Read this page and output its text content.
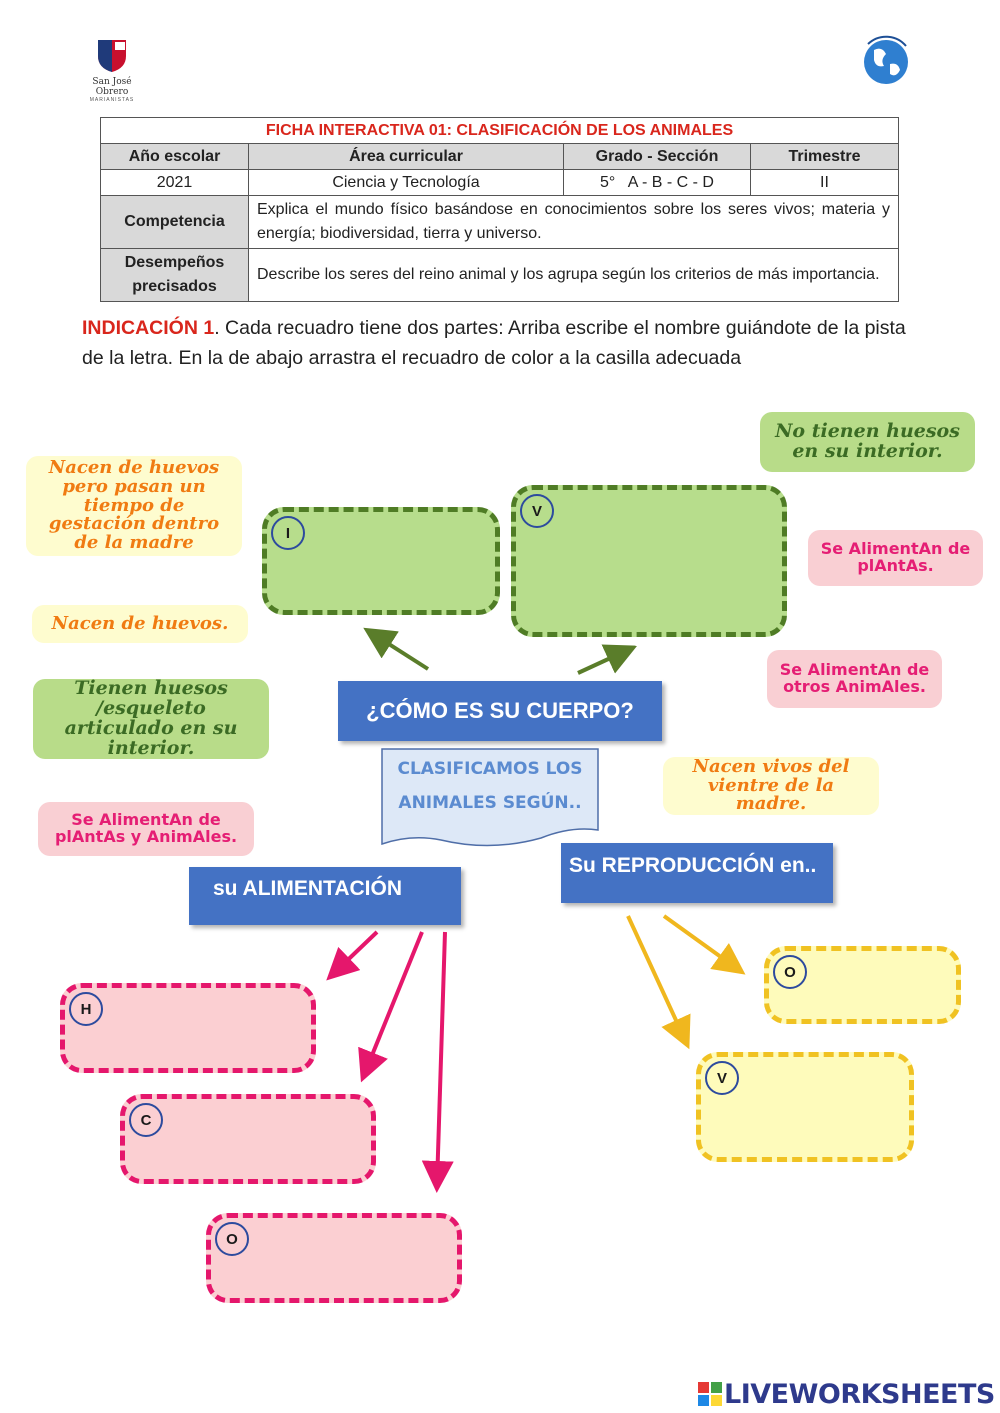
San José Obrero
MARIANISTAS
FICHA INTERACTIVA 01: CLASIFICACIÓN DE LOS ANIMALES			
Año escolar	Área curricular	Grado - Sección	Trimestre
2021	Ciencia y Tecnología	5°   A - B - C - D	II
Competencia	Explica el mundo físico basándose en conocimientos sobre los seres vivos; materia y energía; biodiversidad, tierra y universo.		
Desempeños precisados	Describe los seres del reino animal y los agrupa según los criterios de más importancia.		
INDICACIÓN 1. Cada recuadro tiene dos partes: Arriba escribe el nombre guiándote de la pista de la letra. En la de abajo arrastra el recuadro de color a la casilla adecuada
Nacen de huevos pero pasan un tiempo de gestación dentro de la madre
Nacen de huevos.
Tienen huesos /esqueleto articulado en su interior.
Se AlimentAn de plAntAs y AnimAles.
No tienen huesos en su interior.
Se AlimentAn de plAntAs.
Se AlimentAn de otros AnimAles.
Nacen vivos del vientre de la madre.
I
V
¿CÓMO ES SU CUERPO?
CLASIFICAMOS LOS
ANIMALES SEGÚN..
su ALIMENTACIÓN
Su REPRODUCCIÓN en..
H
C
O
O
V
LIVEWORKSHEETS
